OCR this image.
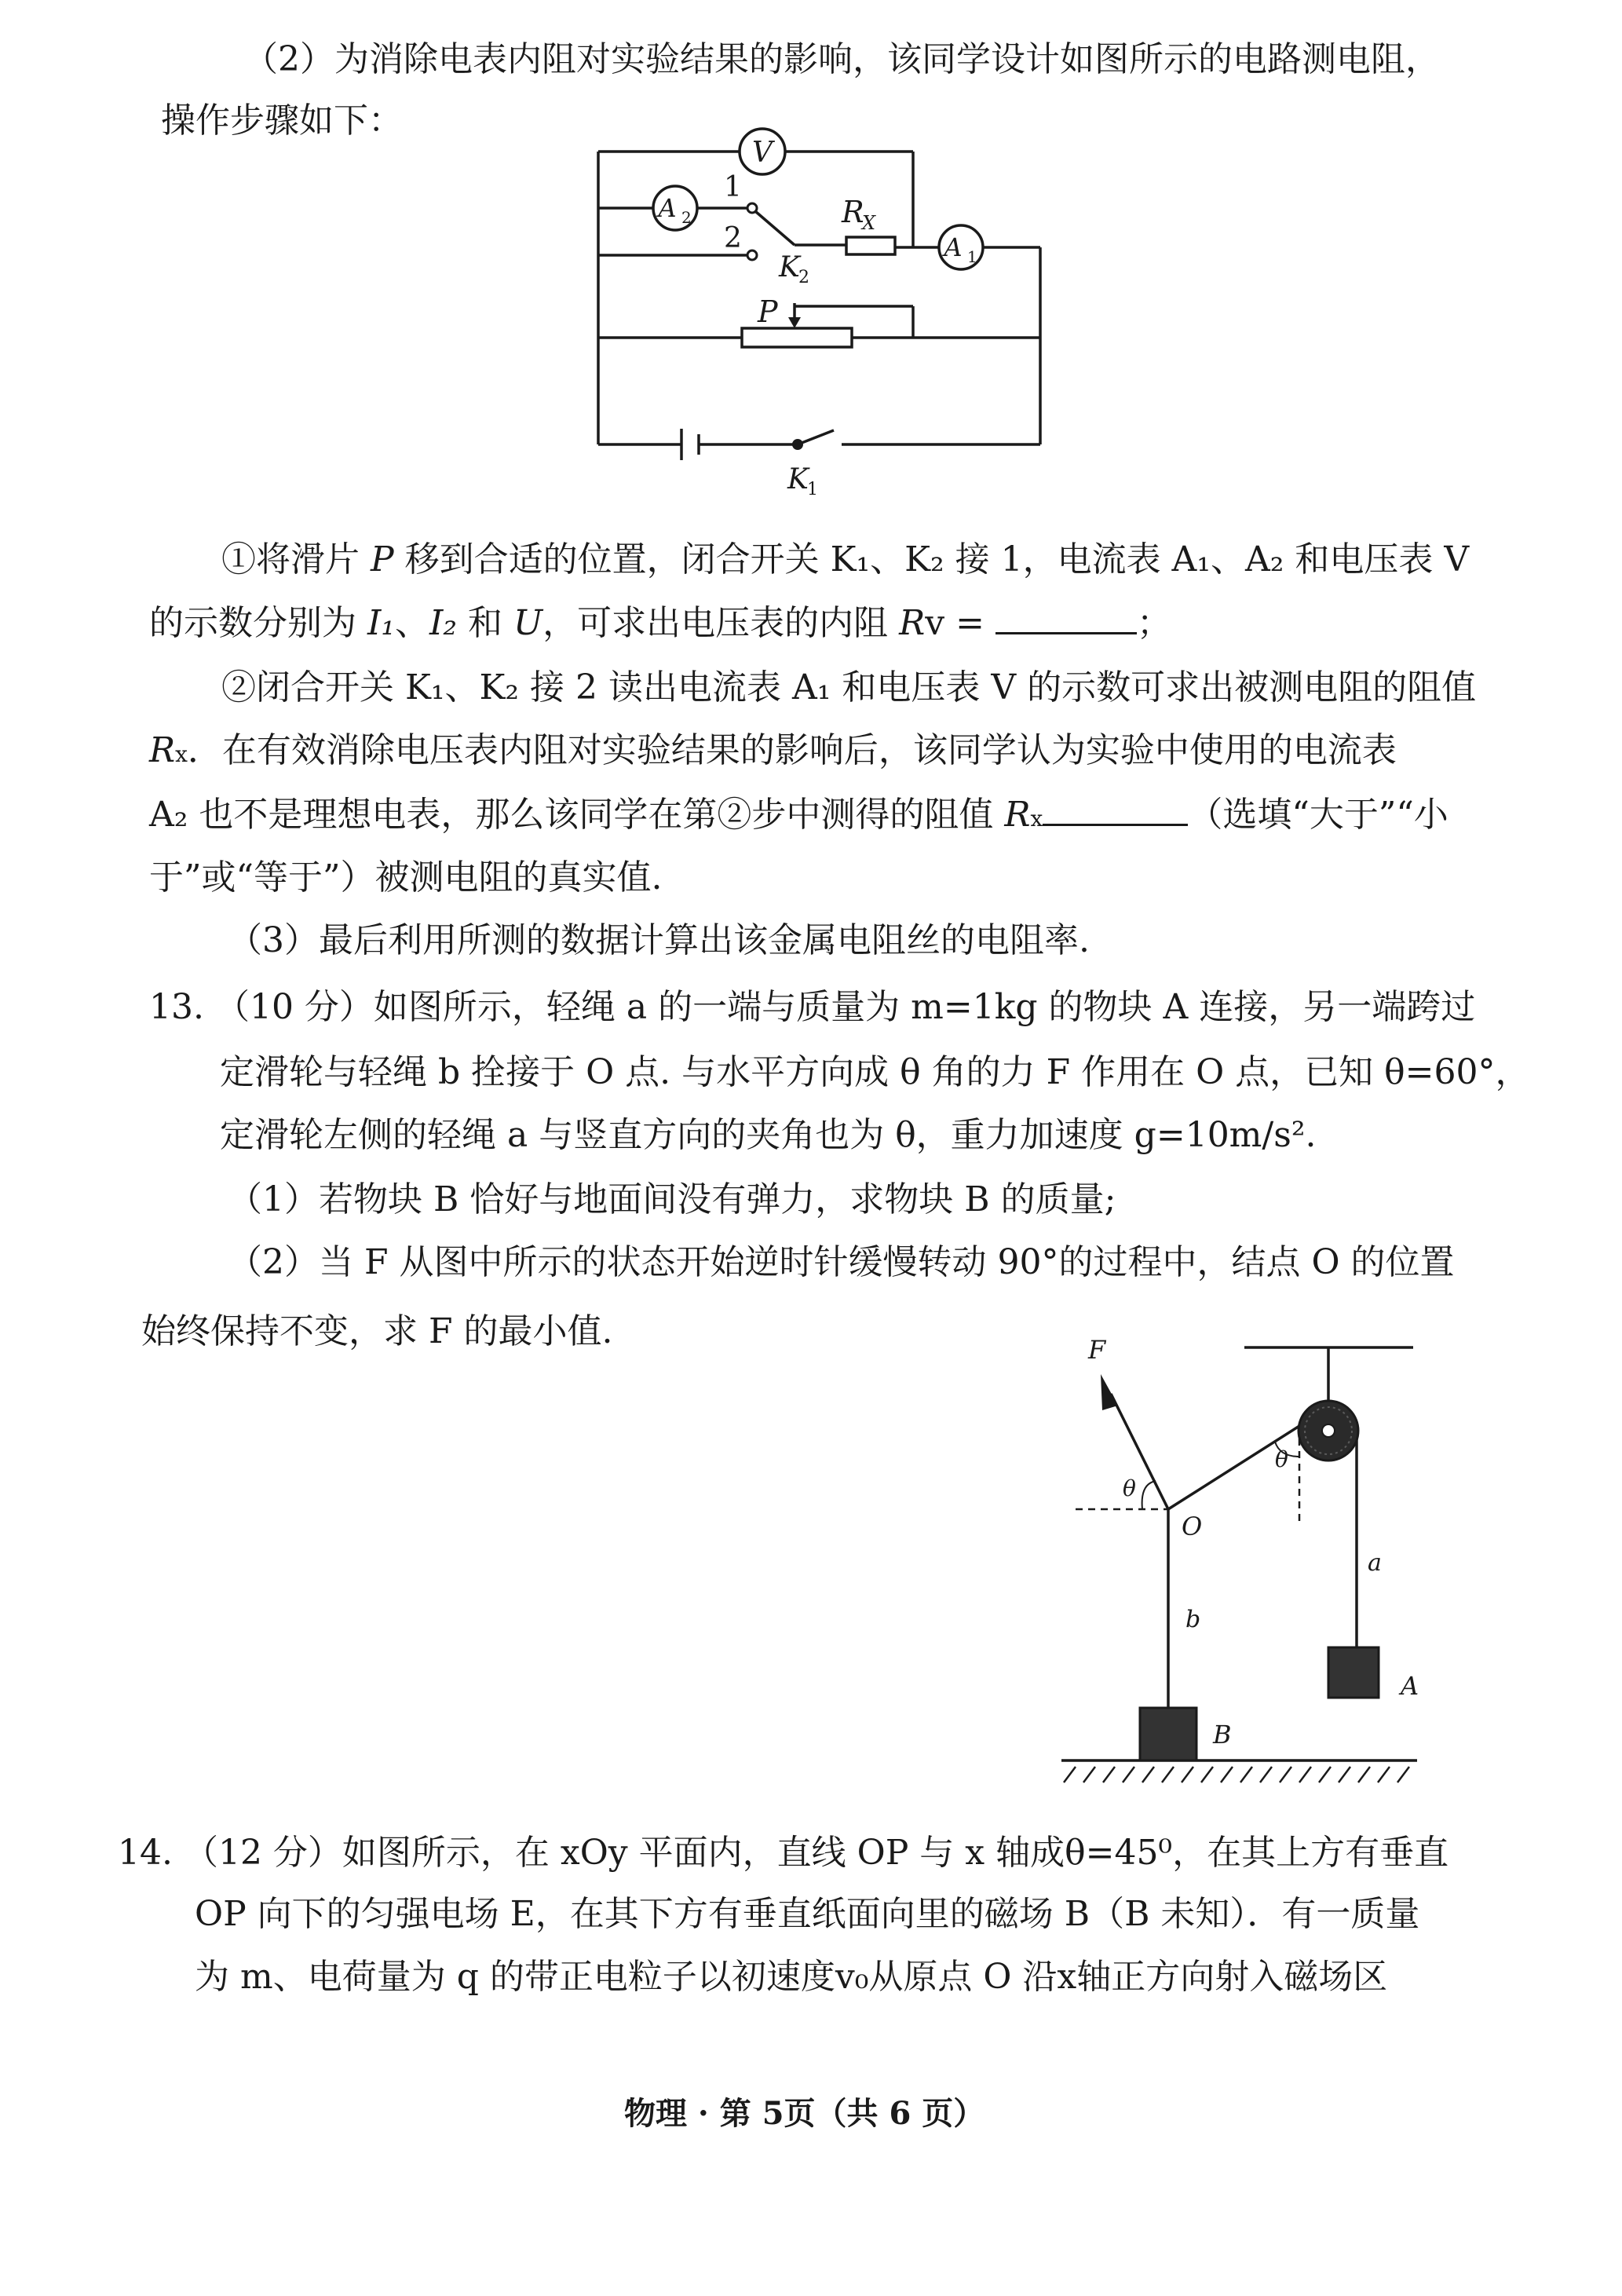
（2）为消除电表内阻对实验结果的影响，该同学设计如图所示的电路测电阻，
操作步骤如下：
V
A 2
A 1
1
2
R
X
K
2
P
K
1
①将滑片 P 移到合适的位置，闭合开关 K₁、K₂ 接 1，电流表 A₁、A₂ 和电压表 V
的示数分别为 I₁、I₂ 和 U，可求出电压表的内阻 Rv =	；
②闭合开关 K₁、K₂ 接 2 读出电流表 A₁ 和电压表 V 的示数可求出被测电阻的阻值
Rx．在有效消除电压表内阻对实验结果的影响后，该同学认为实验中使用的电流表
A₂ 也不是理想电表，那么该同学在第②步中测得的阻值 Rx	（选填“大于”“小
于”或“等于”）被测电阻的真实值.
（3）最后利用所测的数据计算出该金属电阻丝的电阻率.
13. （10 分）如图所示，轻绳 a 的一端与质量为 m=1kg 的物块 A 连接，另一端跨过
定滑轮与轻绳 b 拴接于 O 点. 与水平方向成 θ 角的力 F 作用在 O 点，已知 θ=60°，
定滑轮左侧的轻绳 a 与竖直方向的夹角也为 θ，重力加速度 g=10m/s².
（1）若物块 B 恰好与地面间没有弹力，求物块 B 的质量;
（2）当 F 从图中所示的状态开始逆时针缓慢转动 90°的过程中，结点 O 的位置
始终保持不变，求 F 的最小值.	F
θ
θ
O
a
b
A
B
14. （12 分）如图所示，在 xOy 平面内，直线 OP 与 x 轴成θ=45⁰，在其上方有垂直
OP 向下的匀强电场 E，在其下方有垂直纸面向里的磁场 B（B 未知）．有一质量
为 m、电荷量为 q 的带正电粒子以初速度v₀从原点 O 沿x轴正方向射入磁场区
物理 · 第 5页（共 6 页）
